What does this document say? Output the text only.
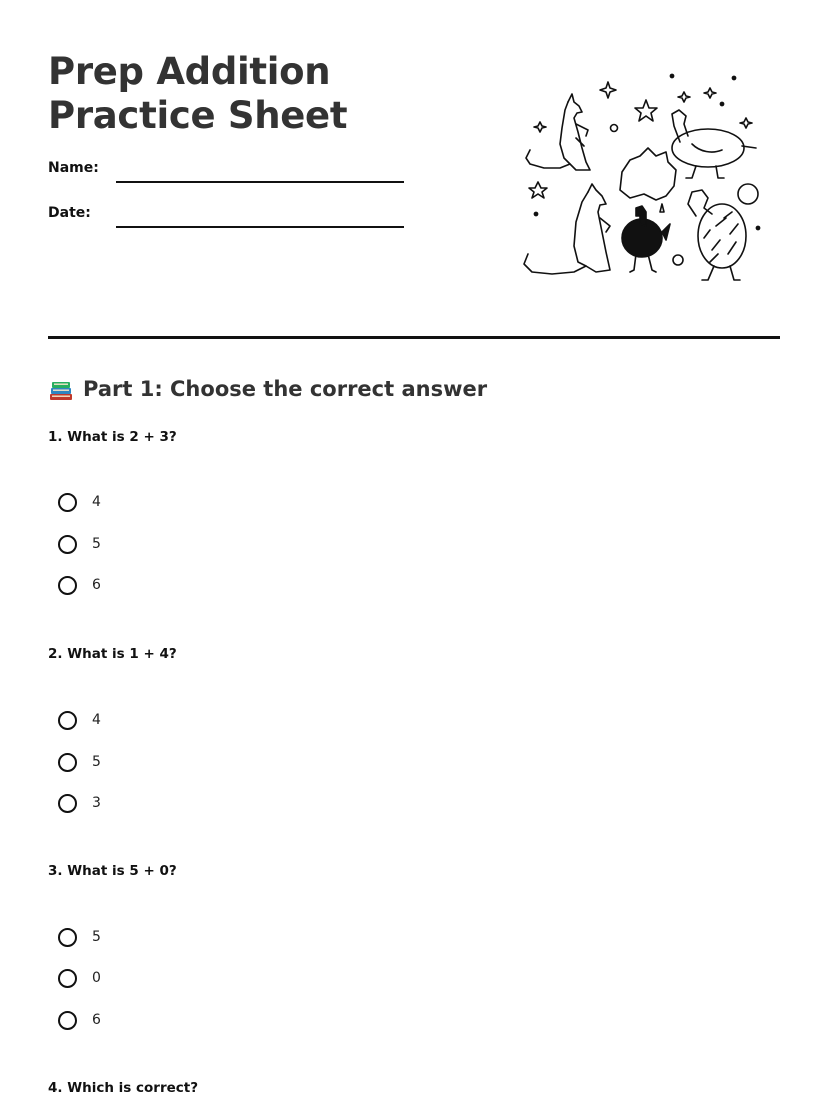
Prep Addition Practice Sheet
Name:
Date:
Part 1: Choose the correct answer

1. What is 2 + 3?

4
5
6

2. What is 1 + 4?

4
5
3

3. What is 5 + 0?

5
0
6

4. Which is correct?
